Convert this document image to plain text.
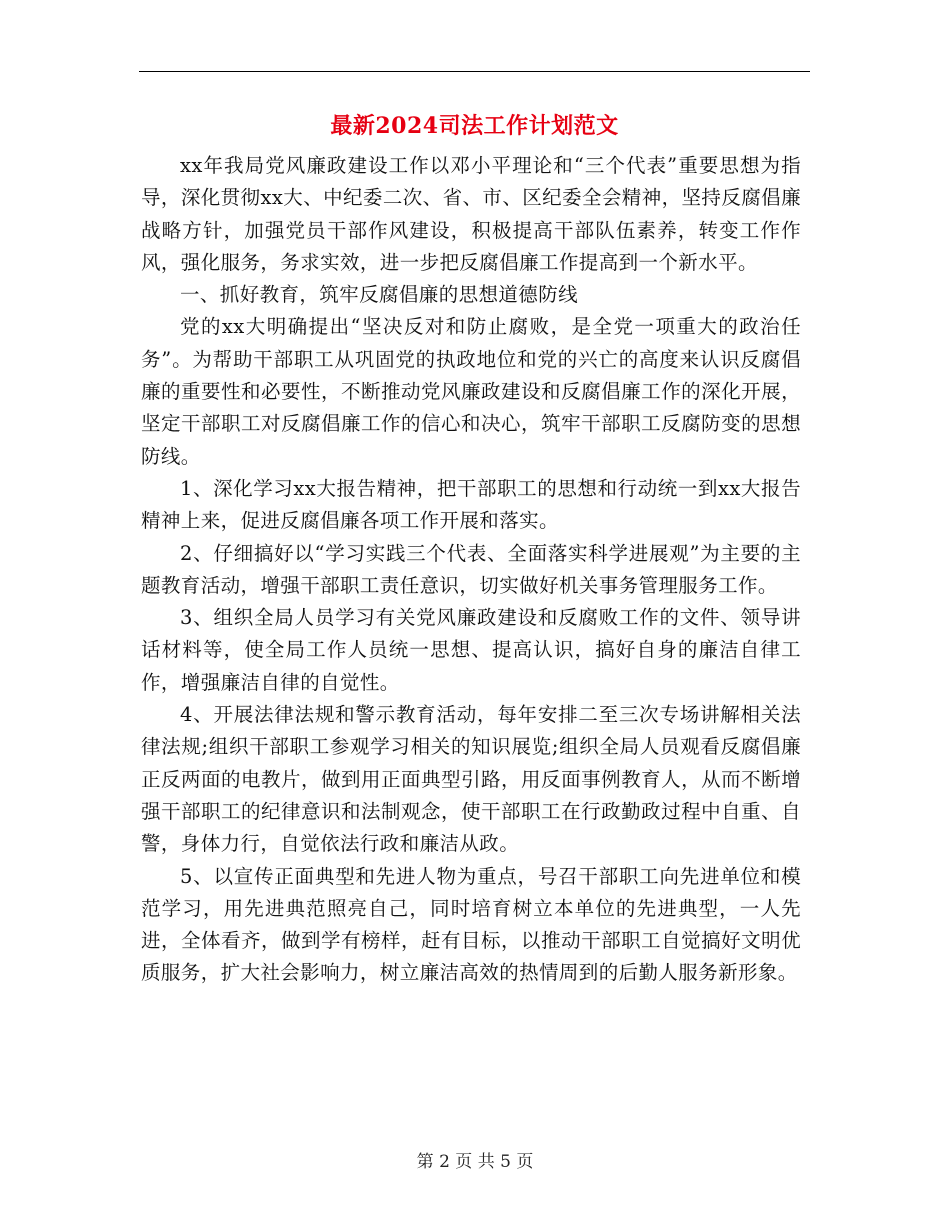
最新2024司法工作计划范文

xx年我局党风廉政建设工作以邓小平理论和“三个代表”重要思想为指导，深化贯彻xx大、中纪委二次、省、市、区纪委全会精神，坚持反腐倡廉战略方针，加强党员干部作风建设，积极提高干部队伍素养，转变工作作风，强化服务，务求实效，进一步把反腐倡廉工作提高到一个新水平。

一、抓好教育，筑牢反腐倡廉的思想道德防线

党的xx大明确提出“坚决反对和防止腐败，是全党一项重大的政治任务”。为帮助干部职工从巩固党的执政地位和党的兴亡的高度来认识反腐倡廉的重要性和必要性，不断推动党风廉政建设和反腐倡廉工作的深化开展，坚定干部职工对反腐倡廉工作的信心和决心，筑牢干部职工反腐防变的思想防线。

1、深化学习xx大报告精神，把干部职工的思想和行动统一到xx大报告精神上来，促进反腐倡廉各项工作开展和落实。

2、仔细搞好以“学习实践三个代表、全面落实科学进展观”为主要的主题教育活动，增强干部职工责任意识，切实做好机关事务管理服务工作。

3、组织全局人员学习有关党风廉政建设和反腐败工作的文件、领导讲话材料等，使全局工作人员统一思想、提高认识，搞好自身的廉洁自律工作，增强廉洁自律的自觉性。

4、开展法律法规和警示教育活动，每年安排二至三次专场讲解相关法律法规;组织干部职工参观学习相关的知识展览;组织全局人员观看反腐倡廉正反两面的电教片，做到用正面典型引路，用反面事例教育人，从而不断增强干部职工的纪律意识和法制观念，使干部职工在行政勤政过程中自重、自警，身体力行，自觉依法行政和廉洁从政。

5、以宣传正面典型和先进人物为重点，号召干部职工向先进单位和模范学习，用先进典范照亮自己，同时培育树立本单位的先进典型，一人先进，全体看齐，做到学有榜样，赶有目标，以推动干部职工自觉搞好文明优质服务，扩大社会影响力，树立廉洁高效的热情周到的后勤人服务新形象。

第 2 页 共 5 页
